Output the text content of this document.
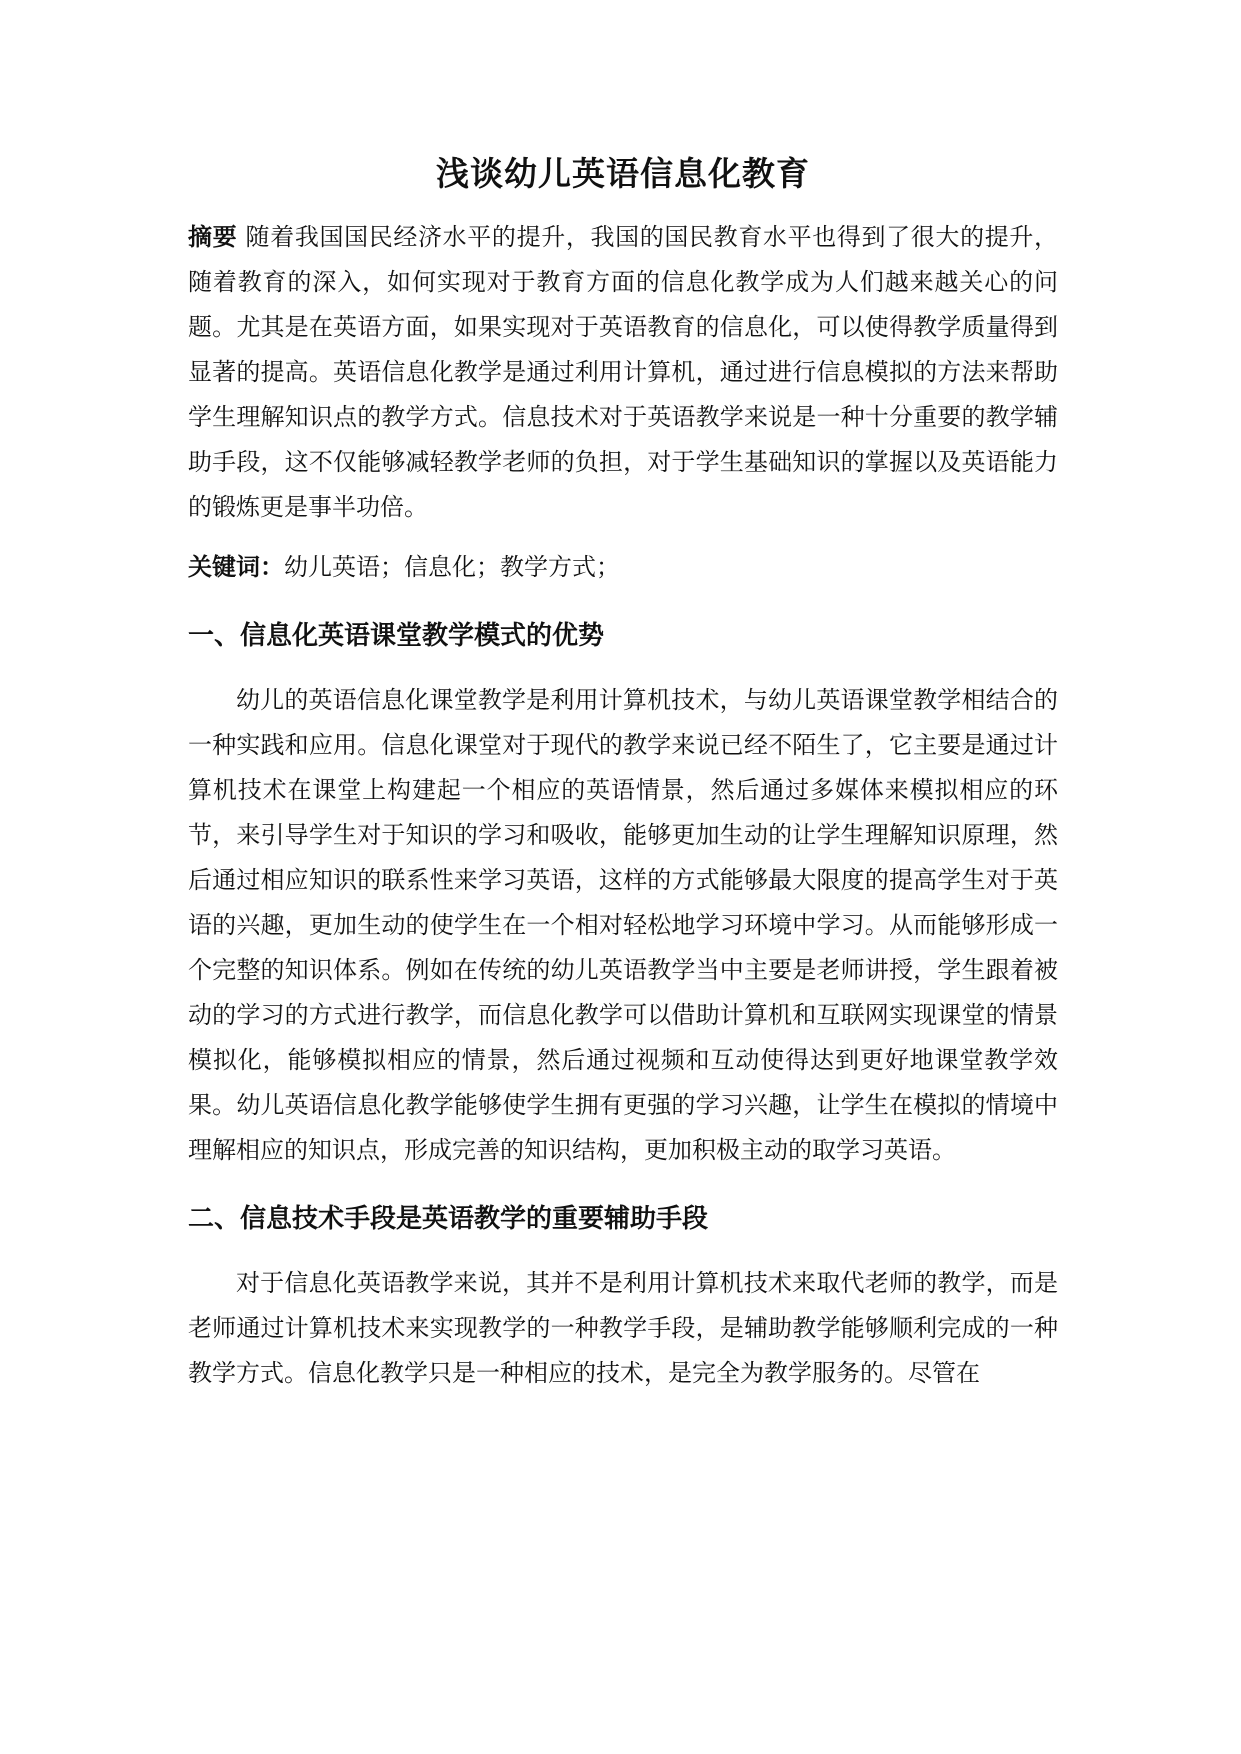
浅谈幼儿英语信息化教育

摘要 随着我国国民经济水平的提升，我国的国民教育水平也得到了很大的提升，随着教育的深入，如何实现对于教育方面的信息化教学成为人们越来越关心的问题。尤其是在英语方面，如果实现对于英语教育的信息化，可以使得教学质量得到显著的提高。英语信息化教学是通过利用计算机，通过进行信息模拟的方法来帮助学生理解知识点的教学方式。信息技术对于英语教学来说是一种十分重要的教学辅助手段，这不仅能够减轻教学老师的负担，对于学生基础知识的掌握以及英语能力的锻炼更是事半功倍。

关键词：幼儿英语；信息化；教学方式；

一、信息化英语课堂教学模式的优势

幼儿的英语信息化课堂教学是利用计算机技术，与幼儿英语课堂教学相结合的一种实践和应用。信息化课堂对于现代的教学来说已经不陌生了，它主要是通过计算机技术在课堂上构建起一个相应的英语情景，然后通过多媒体来模拟相应的环节，来引导学生对于知识的学习和吸收，能够更加生动的让学生理解知识原理，然后通过相应知识的联系性来学习英语，这样的方式能够最大限度的提高学生对于英语的兴趣，更加生动的使学生在一个相对轻松地学习环境中学习。从而能够形成一个完整的知识体系。例如在传统的幼儿英语教学当中主要是老师讲授，学生跟着被动的学习的方式进行教学，而信息化教学可以借助计算机和互联网实现课堂的情景模拟化，能够模拟相应的情景，然后通过视频和互动使得达到更好地课堂教学效果。幼儿英语信息化教学能够使学生拥有更强的学习兴趣，让学生在模拟的情境中理解相应的知识点，形成完善的知识结构，更加积极主动的取学习英语。

二、信息技术手段是英语教学的重要辅助手段

对于信息化英语教学来说，其并不是利用计算机技术来取代老师的教学，而是老师通过计算机技术来实现教学的一种教学手段，是辅助教学能够顺利完成的一种教学方式。信息化教学只是一种相应的技术，是完全为教学服务的。尽管在
